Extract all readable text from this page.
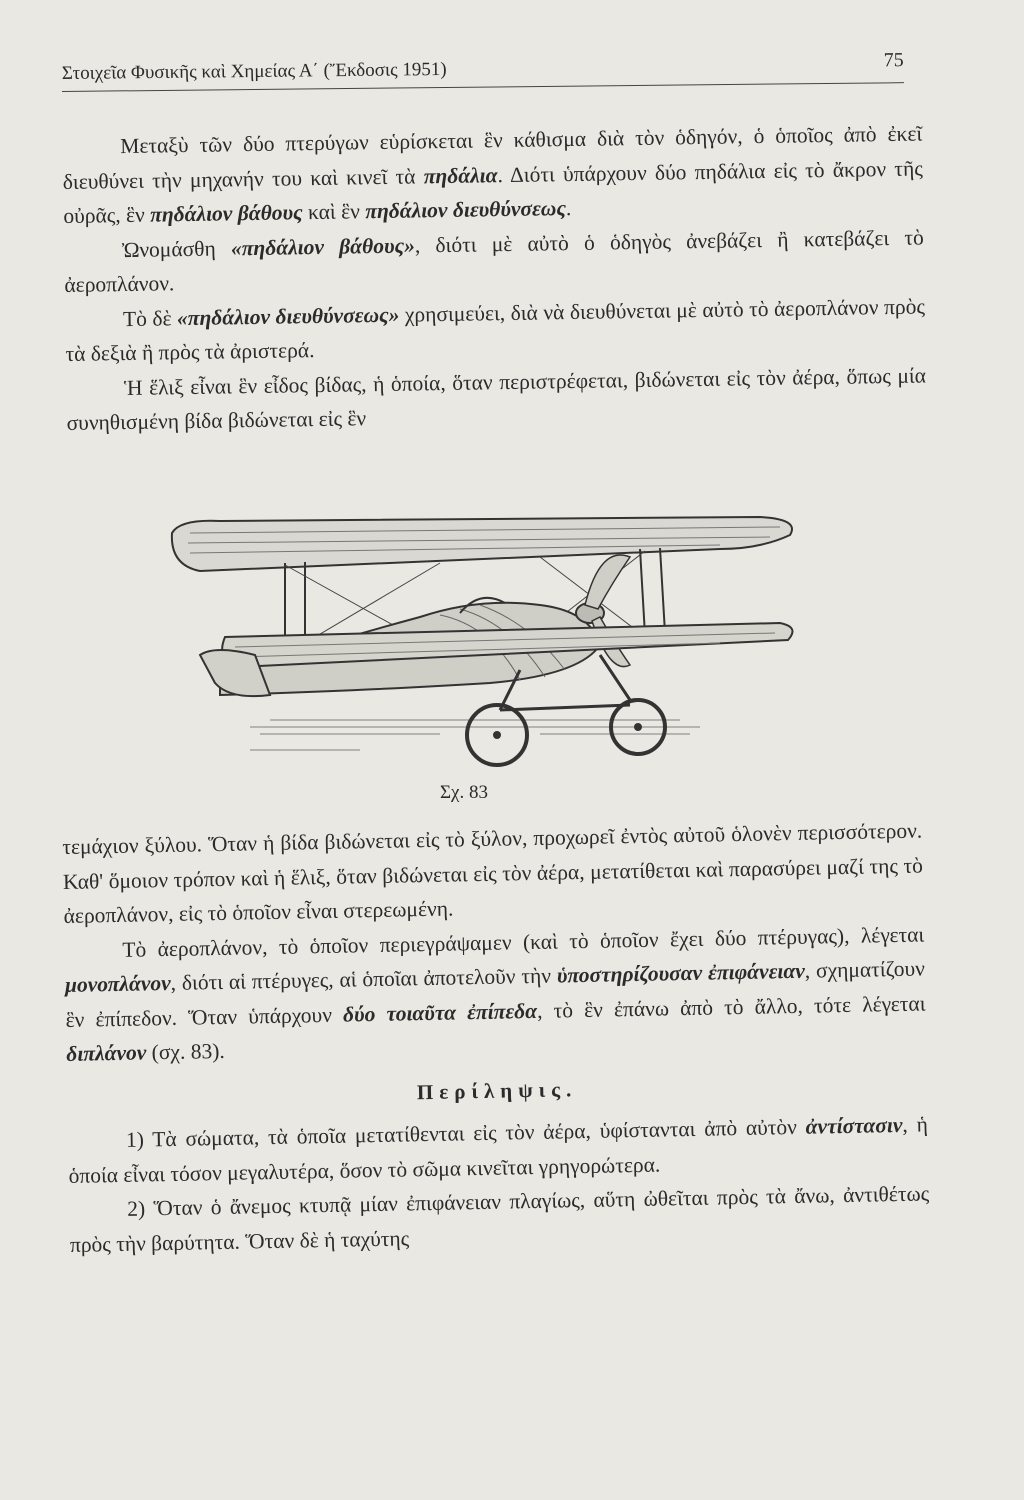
Στοιχεῖα Φυσικῆς καὶ Χημείας Α΄ (Ἔκδοσις 1951)	75

Μεταξὺ τῶν δύο πτερύγων εὑρίσκεται ἓν κάθισμα διὰ τὸν ὁδηγόν, ὁ ὁποῖος ἀπὸ ἐκεῖ διευθύνει τὴν μηχανήν του καὶ κινεῖ τὰ πηδάλια. Διότι ὑπάρχουν δύο πηδάλια εἰς τὸ ἄκρον τῆς οὐρᾶς, ἓν πηδάλιον βάθους καὶ ἓν πηδάλιον διευθύνσεως.

Ὠνομάσθη «πηδάλιον βάθους», διότι μὲ αὐτὸ ὁ ὁδηγὸς ἀνεβάζει ἢ κατεβάζει τὸ ἀεροπλάνον.

Τὸ δὲ «πηδάλιον διευθύνσεως» χρησιμεύει, διὰ νὰ διευθύνεται μὲ αὐτὸ τὸ ἀεροπλάνον πρὸς τὰ δεξιὰ ἢ πρὸς τὰ ἀριστερά.

Ἡ ἕλιξ εἶναι ἓν εἶδος βίδας, ἡ ὁποία, ὅταν περιστρέφεται, βιδώνεται εἰς τὸν ἀέρα, ὅπως μία συνηθισμένη βίδα βιδώνεται εἰς ἓν

Σχ. 83

τεμάχιον ξύλου. Ὅταν ἡ βίδα βιδώνεται εἰς τὸ ξύλον, προχωρεῖ ἐντὸς αὐτοῦ ὁλονὲν περισσότερον. Καθ' ὅμοιον τρόπον καὶ ἡ ἕλιξ, ὅταν βιδώνεται εἰς τὸν ἀέρα, μετατίθεται καὶ παρασύρει μαζί της τὸ ἀεροπλάνον, εἰς τὸ ὁποῖον εἶναι στερεωμένη.

Τὸ ἀεροπλάνον, τὸ ὁποῖον περιεγράψαμεν (καὶ τὸ ὁποῖον ἔχει δύο πτέρυγας), λέγεται μονοπλάνον, διότι αἱ πτέρυγες, αἱ ὁποῖαι ἀποτελοῦν τὴν ὑποστηρίζουσαν ἐπιφάνειαν, σχηματίζουν ἓν ἐπίπεδον. Ὅταν ὑπάρχουν δύο τοιαῦτα ἐπίπεδα, τὸ ἓν ἐπάνω ἀπὸ τὸ ἄλλο, τότε λέγεται διπλάνον (σχ. 83).

Περίληψις.

1) Τὰ σώματα, τὰ ὁποῖα μετατίθενται εἰς τὸν ἀέρα, ὑφίστανται ἀπὸ αὐτὸν ἀντίστασιν, ἡ ὁποία εἶναι τόσον μεγαλυτέρα, ὅσον τὸ σῶμα κινεῖται γρηγορώτερα.

2) Ὅταν ὁ ἄνεμος κτυπᾷ μίαν ἐπιφάνειαν πλαγίως, αὕτη ὠθεῖται πρὸς τὰ ἄνω, ἀντιθέτως πρὸς τὴν βαρύτητα. Ὅταν δὲ ἡ ταχύτης
